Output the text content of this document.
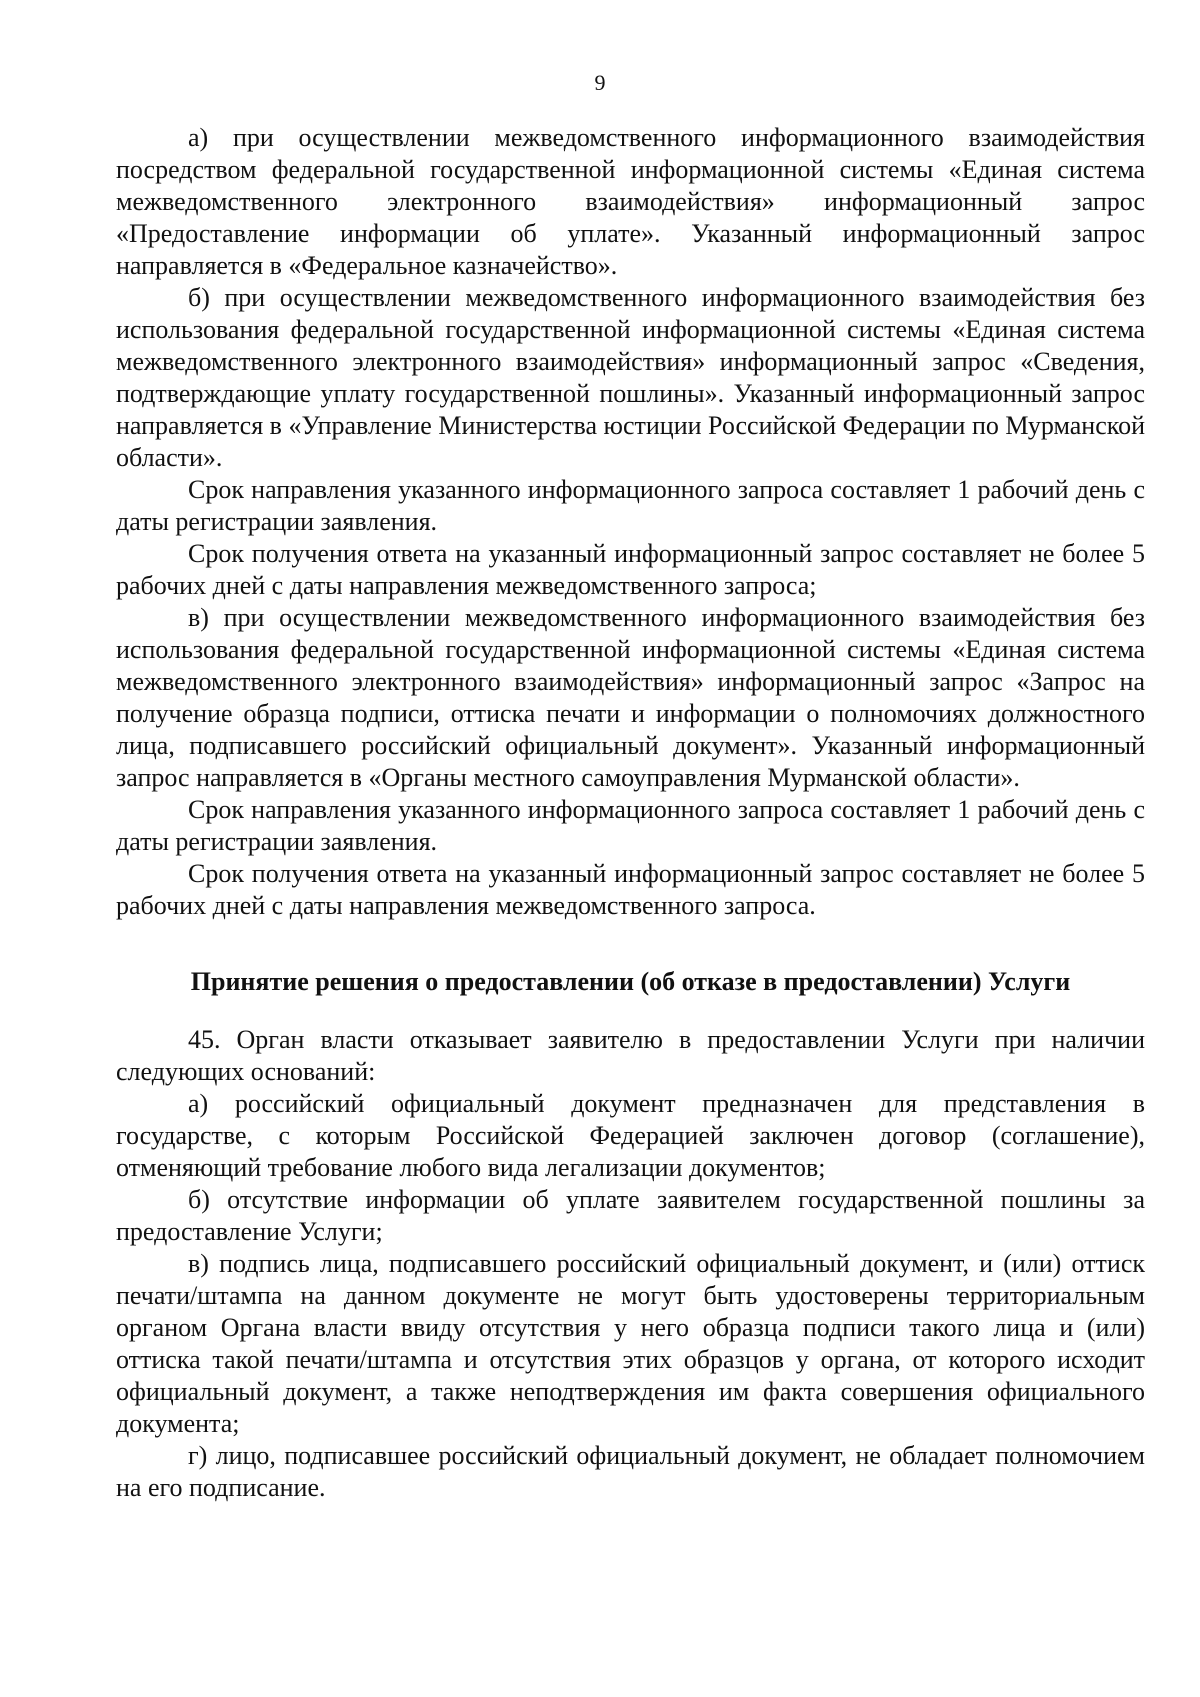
9

а) при осуществлении межведомственного информационного взаимодействия посредством федеральной государственной информационной системы «Единая система межведомственного электронного взаимодействия» информационный запрос «Предоставление информации об уплате». Указанный информационный запрос направляется в «Федеральное казначейство».

б) при осуществлении межведомственного информационного взаимодействия без использования федеральной государственной информационной системы «Единая система межведомственного электронного взаимодействия» информационный запрос «Сведения, подтверждающие уплату государственной пошлины». Указанный информационный запрос направляется в «Управление Министерства юстиции Российской Федерации по Мурманской области».

Срок направления указанного информационного запроса составляет 1 рабочий день с даты регистрации заявления.

Срок получения ответа на указанный информационный запрос составляет не более 5 рабочих дней с даты направления межведомственного запроса;

в) при осуществлении межведомственного информационного взаимодействия без использования федеральной государственной информационной системы «Единая система межведомственного электронного взаимодействия» информационный запрос «Запрос на получение образца подписи, оттиска печати и информации о полномочиях должностного лица, подписавшего российский официальный документ». Указанный информационный запрос направляется в «Органы местного самоуправления Мурманской области».

Срок направления указанного информационного запроса составляет 1 рабочий день с даты регистрации заявления.

Срок получения ответа на указанный информационный запрос составляет не более 5 рабочих дней с даты направления межведомственного запроса.

Принятие решения о предоставлении (об отказе в предоставлении) Услуги

45. Орган власти отказывает заявителю в предоставлении Услуги при наличии следующих оснований:

а) российский официальный документ предназначен для представления в государстве, с которым Российской Федерацией заключен договор (соглашение), отменяющий требование любого вида легализации документов;

б) отсутствие информации об уплате заявителем государственной пошлины за предоставление Услуги;

в) подпись лица, подписавшего российский официальный документ, и (или) оттиск печати/штампа на данном документе не могут быть удостоверены территориальным органом Органа власти ввиду отсутствия у него образца подписи такого лица и (или) оттиска такой печати/штампа и отсутствия этих образцов у органа, от которого исходит официальный документ, а также неподтверждения им факта совершения официального документа;

г) лицо, подписавшее российский официальный документ, не обладает полномочием на его подписание.
